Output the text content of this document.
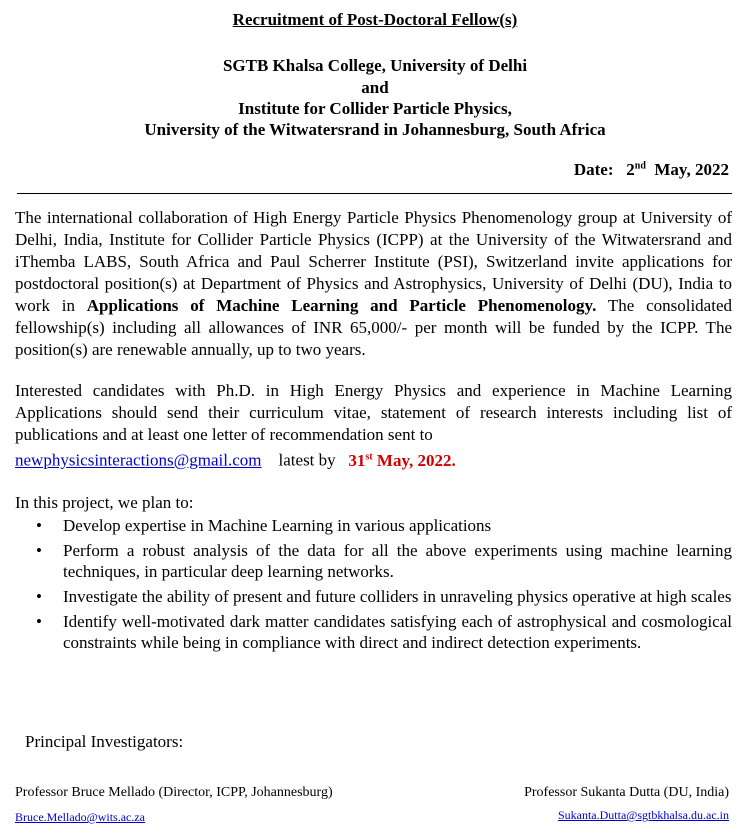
Recruitment of Post-Doctoral Fellow(s)
SGTB Khalsa College, University of Delhi
and
Institute for Collider Particle Physics,
University of the Witwatersrand in Johannesburg, South Africa
Date: 2nd May, 2022
The international collaboration of High Energy Particle Physics Phenomenology group at University of Delhi, India, Institute for Collider Particle Physics (ICPP) at the University of the Witwatersrand and iThemba LABS, South Africa and Paul Scherrer Institute (PSI), Switzerland invite applications for postdoctoral position(s) at Department of Physics and Astrophysics, University of Delhi (DU), India to work in Applications of Machine Learning and Particle Phenomenology. The consolidated fellowship(s) including all allowances of INR 65,000/- per month will be funded by the ICPP. The position(s) are renewable annually, up to two years.
Interested candidates with Ph.D. in High Energy Physics and experience in Machine Learning Applications should send their curriculum vitae, statement of research interests including list of publications and at least one letter of recommendation sent to
newphysicsinteractions@gmail.com latest by 31st May, 2022.
In this project, we plan to:
• Develop expertise in Machine Learning in various applications
• Perform a robust analysis of the data for all the above experiments using machine learning techniques, in particular deep learning networks.
• Investigate the ability of present and future colliders in unraveling physics operative at high scales
• Identify well-motivated dark matter candidates satisfying each of astrophysical and cosmological constraints while being in compliance with direct and indirect detection experiments.
Principal Investigators:
Professor Bruce Mellado (Director, ICPP, Johannesburg)
Bruce.Mellado@wits.ac.za
Professor Sukanta Dutta (DU, India)
Sukanta.Dutta@sgtbkhalsa.du.ac.in
